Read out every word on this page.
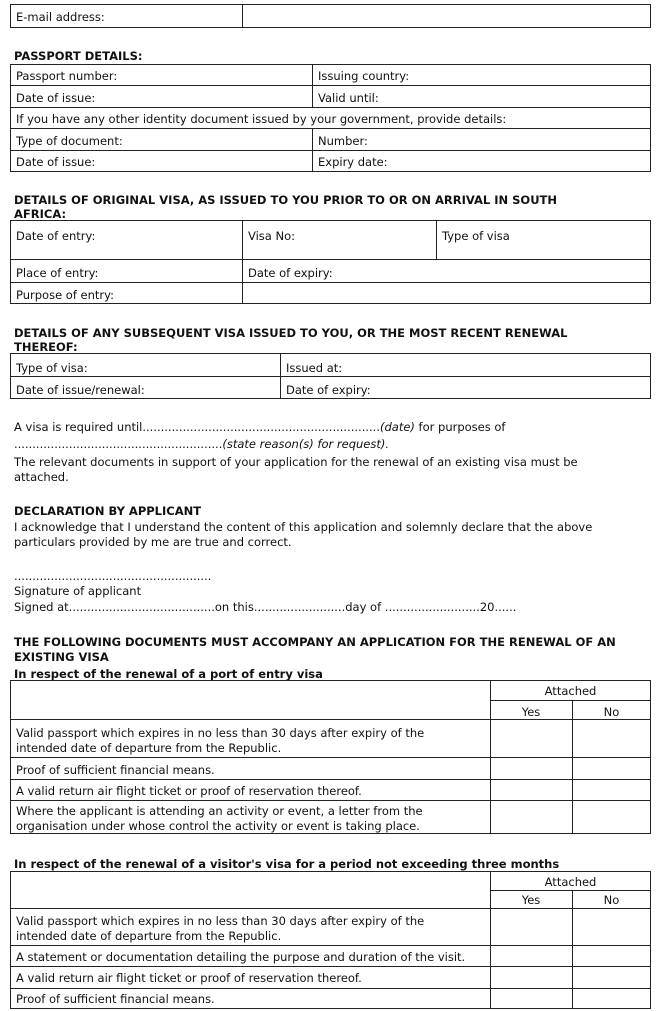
E-mail address:
PASSPORT DETAILS:
Passport number:	Issuing country:
Date of issue:	Valid until:
If you have any other identity document issued by your government, provide details:
Type of document:	Number:
Date of issue:	Expiry date:
DETAILS OF ORIGINAL VISA, AS ISSUED TO YOU PRIOR TO OR ON ARRIVAL IN SOUTH
AFRICA:
Date of entry:	Visa No:	Type of visa
Place of entry:	Date of expiry:
Purpose of entry:
DETAILS OF ANY SUBSEQUENT VISA ISSUED TO YOU, OR THE MOST RECENT RENEWAL
THEREOF:
Type of visa:	Issued at:
Date of issue/renewal:	Date of expiry:
A visa is required until.................................................................(date) for purposes of
.........................................................(state reason(s) for request).
The relevant documents in support of your application for the renewal of an existing visa must be
attached.
DECLARATION BY APPLICANT
I acknowledge that I understand the content of this application and solemnly declare that the above
particulars provided by me are true and correct.
......................................................
Signature of applicant
Signed at........................................on this.........................day of ..........................20......
THE FOLLOWING DOCUMENTS MUST ACCOMPANY AN APPLICATION FOR THE RENEWAL OF AN
EXISTING VISA
In respect of the renewal of a port of entry visa
Attached
Yes	No
Valid passport which expires in no less than 30 days after expiry of the
intended date of departure from the Republic.
Proof of sufficient financial means.
A valid return air flight ticket or proof of reservation thereof.
Where the applicant is attending an activity or event, a letter from the
organisation under whose control the activity or event is taking place.
In respect of the renewal of a visitor's visa for a period not exceeding three months
Attached
Yes	No
Valid passport which expires in no less than 30 days after expiry of the
intended date of departure from the Republic.
A statement or documentation detailing the purpose and duration of the visit.
A valid return air flight ticket or proof of reservation thereof.
Proof of sufficient financial means.
